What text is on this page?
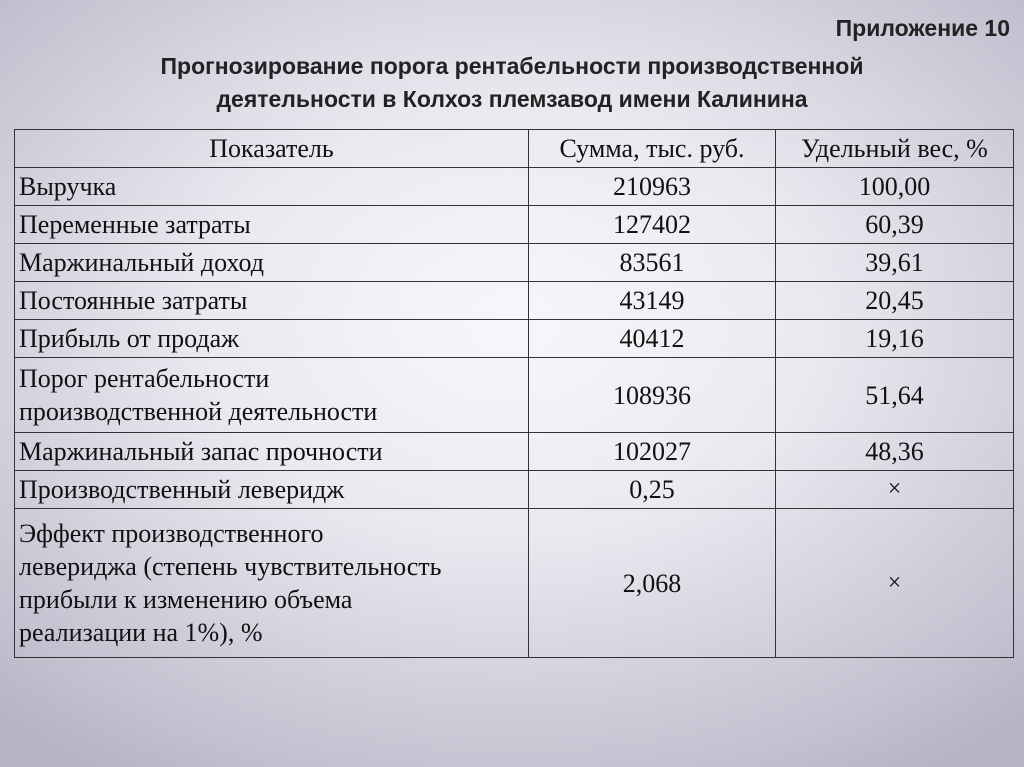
Приложение 10
Прогнозирование порога рентабельности производственной
деятельности в Колхоз племзавод имени Калинина
Показатель	Сумма, тыс. руб.	Удельный вес, %
Выручка	210963	100,00
Переменные затраты	127402	60,39
Маржинальный доход	83561	39,61
Постоянные затраты	43149	20,45
Прибыль от продаж	40412	19,16

Порог рентабельности
производственной деятельности	108936	51,64
Маржинальный запас прочности	102027	48,36
Производственный левeридж	0,25	×

Эффект производственного
левериджа (степень чувствительность
прибыли к изменению объема
реализации на 1%), %	2,068	×
